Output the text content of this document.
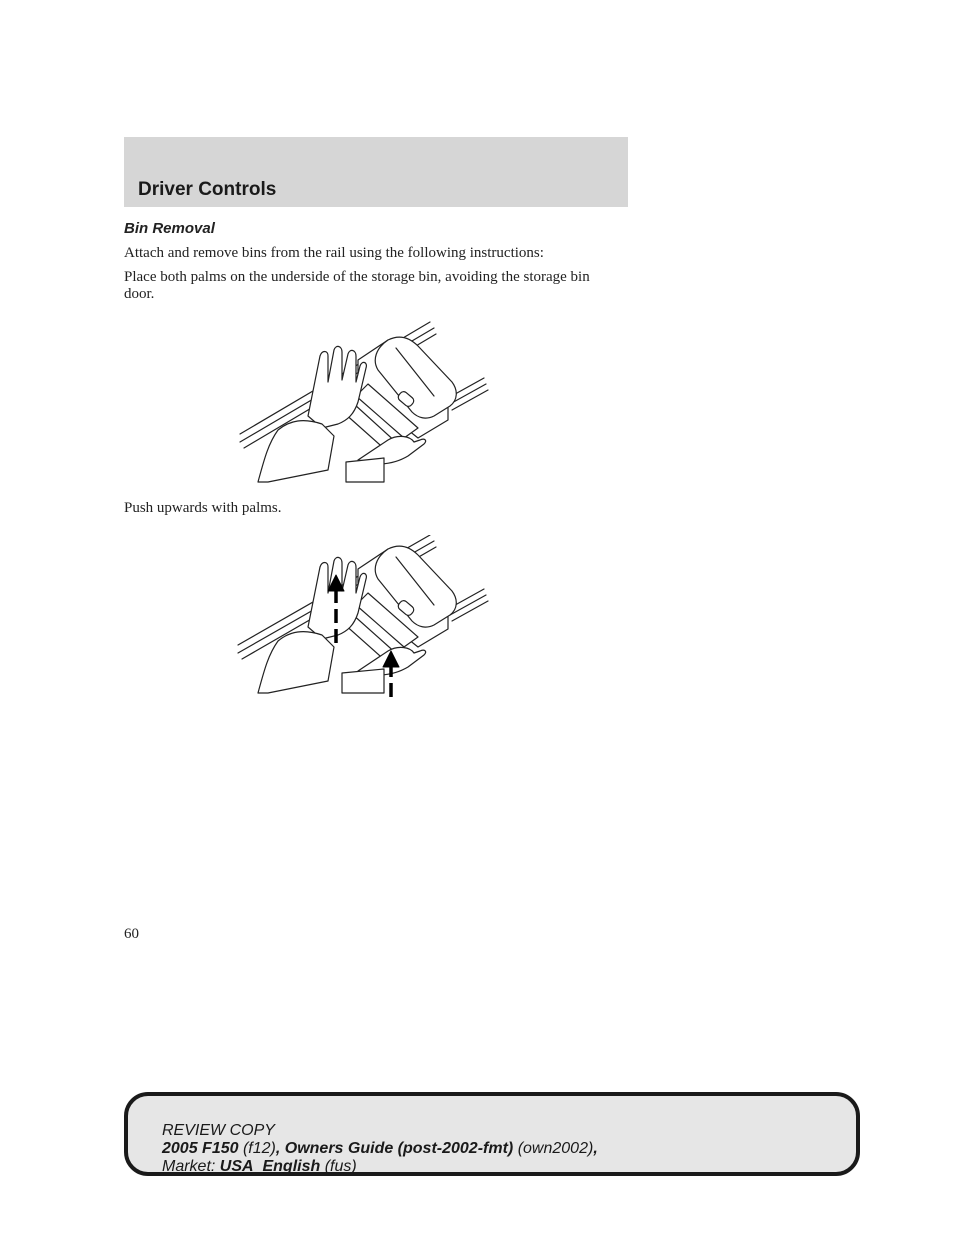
Driver Controls
Bin Removal

Attach and remove bins from the rail using the following instructions:

Place both palms on the underside of the storage bin, avoiding the storage bin door.

Push upwards with palms.

60
REVIEW COPY
2005 F150 (f12), Owners Guide (post-2002-fmt) (own2002),
Market: USA_English (fus)
